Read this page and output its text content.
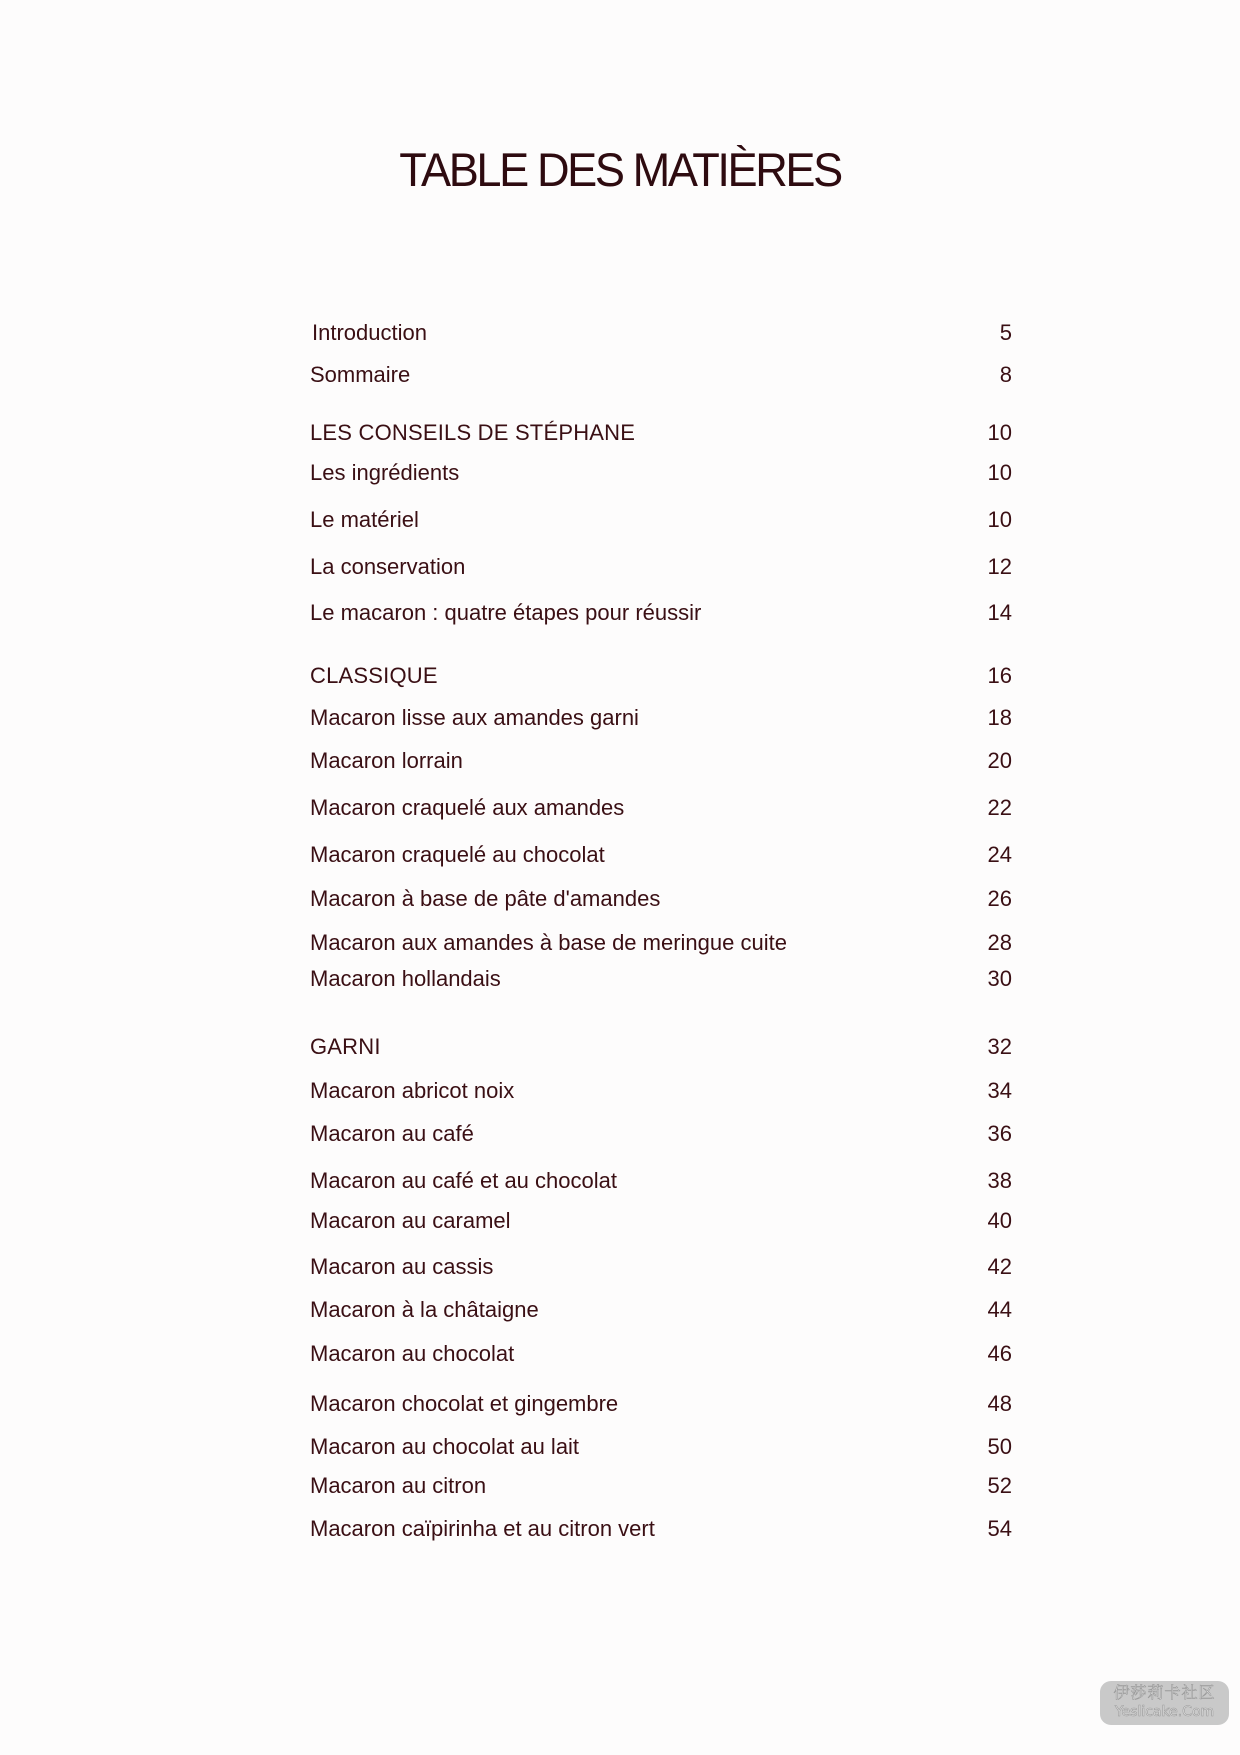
TABLE DES MATIÈRES
Introduction	5
Sommaire	8
LES CONSEILS DE STÉPHANE	10
Les ingrédients	10
Le matériel	10
La conservation	12
Le macaron : quatre étapes pour réussir	14
CLASSIQUE	16
Macaron lisse aux amandes garni	18
Macaron lorrain	20
Macaron craquelé aux amandes	22
Macaron craquelé au chocolat	24
Macaron à base de pâte d'amandes	26
Macaron aux amandes à base de meringue cuite	28
Macaron hollandais	30
GARNI	32
Macaron abricot noix	34
Macaron au café	36
Macaron au café et au chocolat	38
Macaron au caramel	40
Macaron au cassis	42
Macaron à la châtaigne	44
Macaron au chocolat	46
Macaron chocolat et gingembre	48
Macaron au chocolat au lait	50
Macaron au citron	52
Macaron caïpirinha et au citron vert	54
伊莎莉卡社区
Yeslicake.Com
